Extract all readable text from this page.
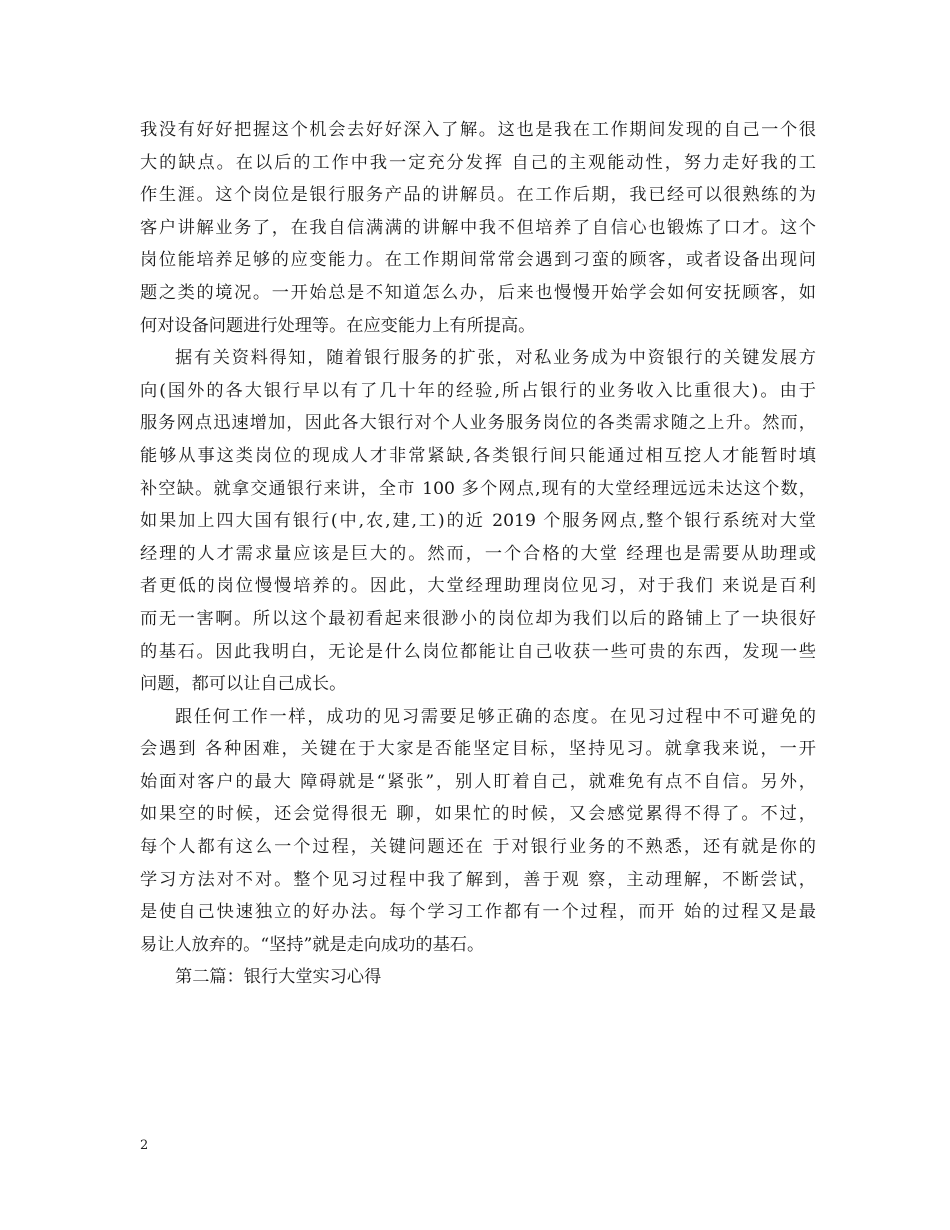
我没有好好把握这个机会去好好深入了解。这也是我在工作期间发现的自己一个很
大的缺点。在以后的工作中我一定充分发挥 自己的主观能动性，努力走好我的工
作生涯。这个岗位是银行服务产品的讲解员。在工作后期，我已经可以很熟练的为
客户讲解业务了，在我自信满满的讲解中我不但培养了自信心也锻炼了口才。这个
岗位能培养足够的应变能力。在工作期间常常会遇到刁蛮的顾客，或者设备出现问
题之类的境况。一开始总是不知道怎么办，后来也慢慢开始学会如何安抚顾客，如
何对设备问题进行处理等。在应变能力上有所提高。
据有关资料得知，随着银行服务的扩张，对私业务成为中资银行的关键发展方
向(国外的各大银行早以有了几十年的经验,所占银行的业务收入比重很大)。由于
服务网点迅速增加，因此各大银行对个人业务服务岗位的各类需求随之上升。然而，
能够从事这类岗位的现成人才非常紧缺,各类银行间只能通过相互挖人才能暂时填
补空缺。就拿交通银行来讲，全市 100 多个网点,现有的大堂经理远远未达这个数，
如果加上四大国有银行(中,农,建,工)的近 2019 个服务网点,整个银行系统对大堂
经理的人才需求量应该是巨大的。然而，一个合格的大堂 经理也是需要从助理或
者更低的岗位慢慢培养的。因此，大堂经理助理岗位见习，对于我们 来说是百利
而无一害啊。所以这个最初看起来很渺小的岗位却为我们以后的路铺上了一块很好
的基石。因此我明白，无论是什么岗位都能让自己收获一些可贵的东西，发现一些
问题，都可以让自己成长。
跟任何工作一样，成功的见习需要足够正确的态度。在见习过程中不可避免的
会遇到 各种困难，关键在于大家是否能坚定目标，坚持见习。就拿我来说，一开
始面对客户的最大 障碍就是“紧张”，别人盯着自己，就难免有点不自信。另外，
如果空的时候，还会觉得很无 聊，如果忙的时候，又会感觉累得不得了。不过，
每个人都有这么一个过程，关键问题还在 于对银行业务的不熟悉，还有就是你的
学习方法对不对。整个见习过程中我了解到，善于观 察，主动理解，不断尝试，
是使自己快速独立的好办法。每个学习工作都有一个过程，而开 始的过程又是最
易让人放弃的。“坚持”就是走向成功的基石。
第二篇：银行大堂实习心得
2
